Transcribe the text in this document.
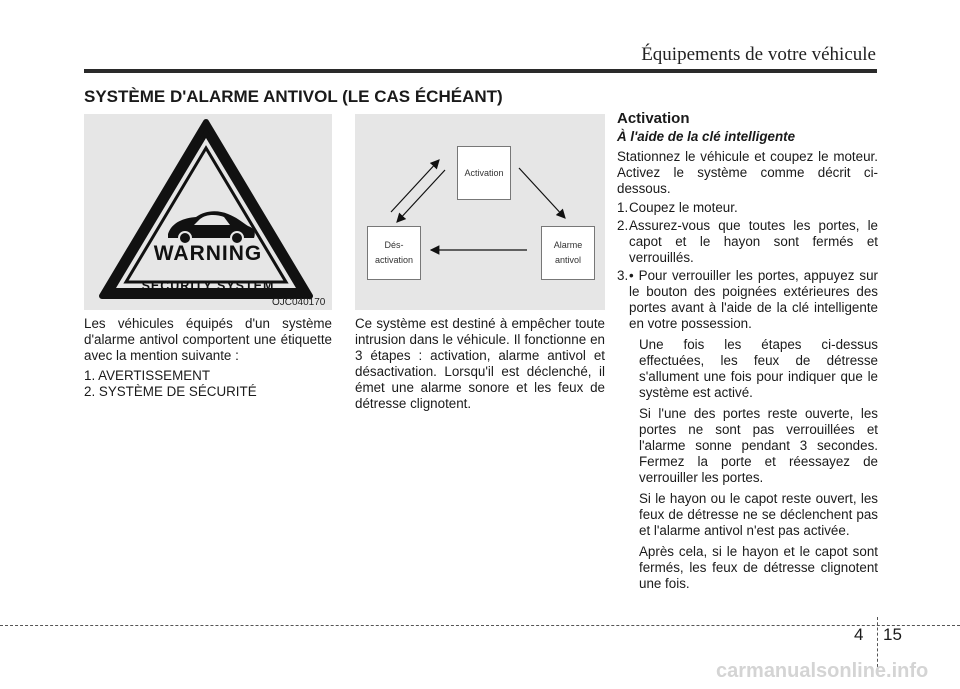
Équipements de votre véhicule
SYSTÈME D'ALARME ANTIVOL (LE CAS ÉCHÉANT)
WARNING
SECURITY SYSTEM
OJC040170

Les véhicules équipés d'un système d'alarme antivol comportent une étiquette avec la mention suivante :

1. AVERTISSEMENT
2. SYSTÈME DE SÉCURITÉ
Activation
Dés-
activation
Alarme
antivol

Ce système est destiné à empêcher toute intrusion dans le véhicule. Il fonctionne en 3 étapes : activation, alarme antivol et désactivation. Lorsqu'il est déclenché, il émet une alarme sonore et les feux de détresse clignotent.

Activation
À l'aide de la clé intelligente

Stationnez le véhicule et coupez le moteur. Activez le système comme décrit ci-dessous.

1. Coupez le moteur.
2. Assurez-vous que toutes les portes, le capot et le hayon sont fermés et verrouillés.
3. • Pour verrouiller les portes, appuyez sur le bouton des poignées extérieures des portes avant à l'aide de la clé intelligente en votre possession.

Une fois les étapes ci-dessus effectuées, les feux de détresse s'allument une fois pour indiquer que le système est activé.

Si l'une des portes reste ouverte, les portes ne sont pas verrouillées et l'alarme sonne pendant 3 secondes. Fermez la porte et réessayez de verrouiller les portes.

Si le hayon ou le capot reste ouvert, les feux de détresse ne se déclenchent pas et l'alarme antivol n'est pas activée.

Après cela, si le hayon et le capot sont fermés, les feux de détresse clignotent une fois.

4 15
carmanualsonline.info
